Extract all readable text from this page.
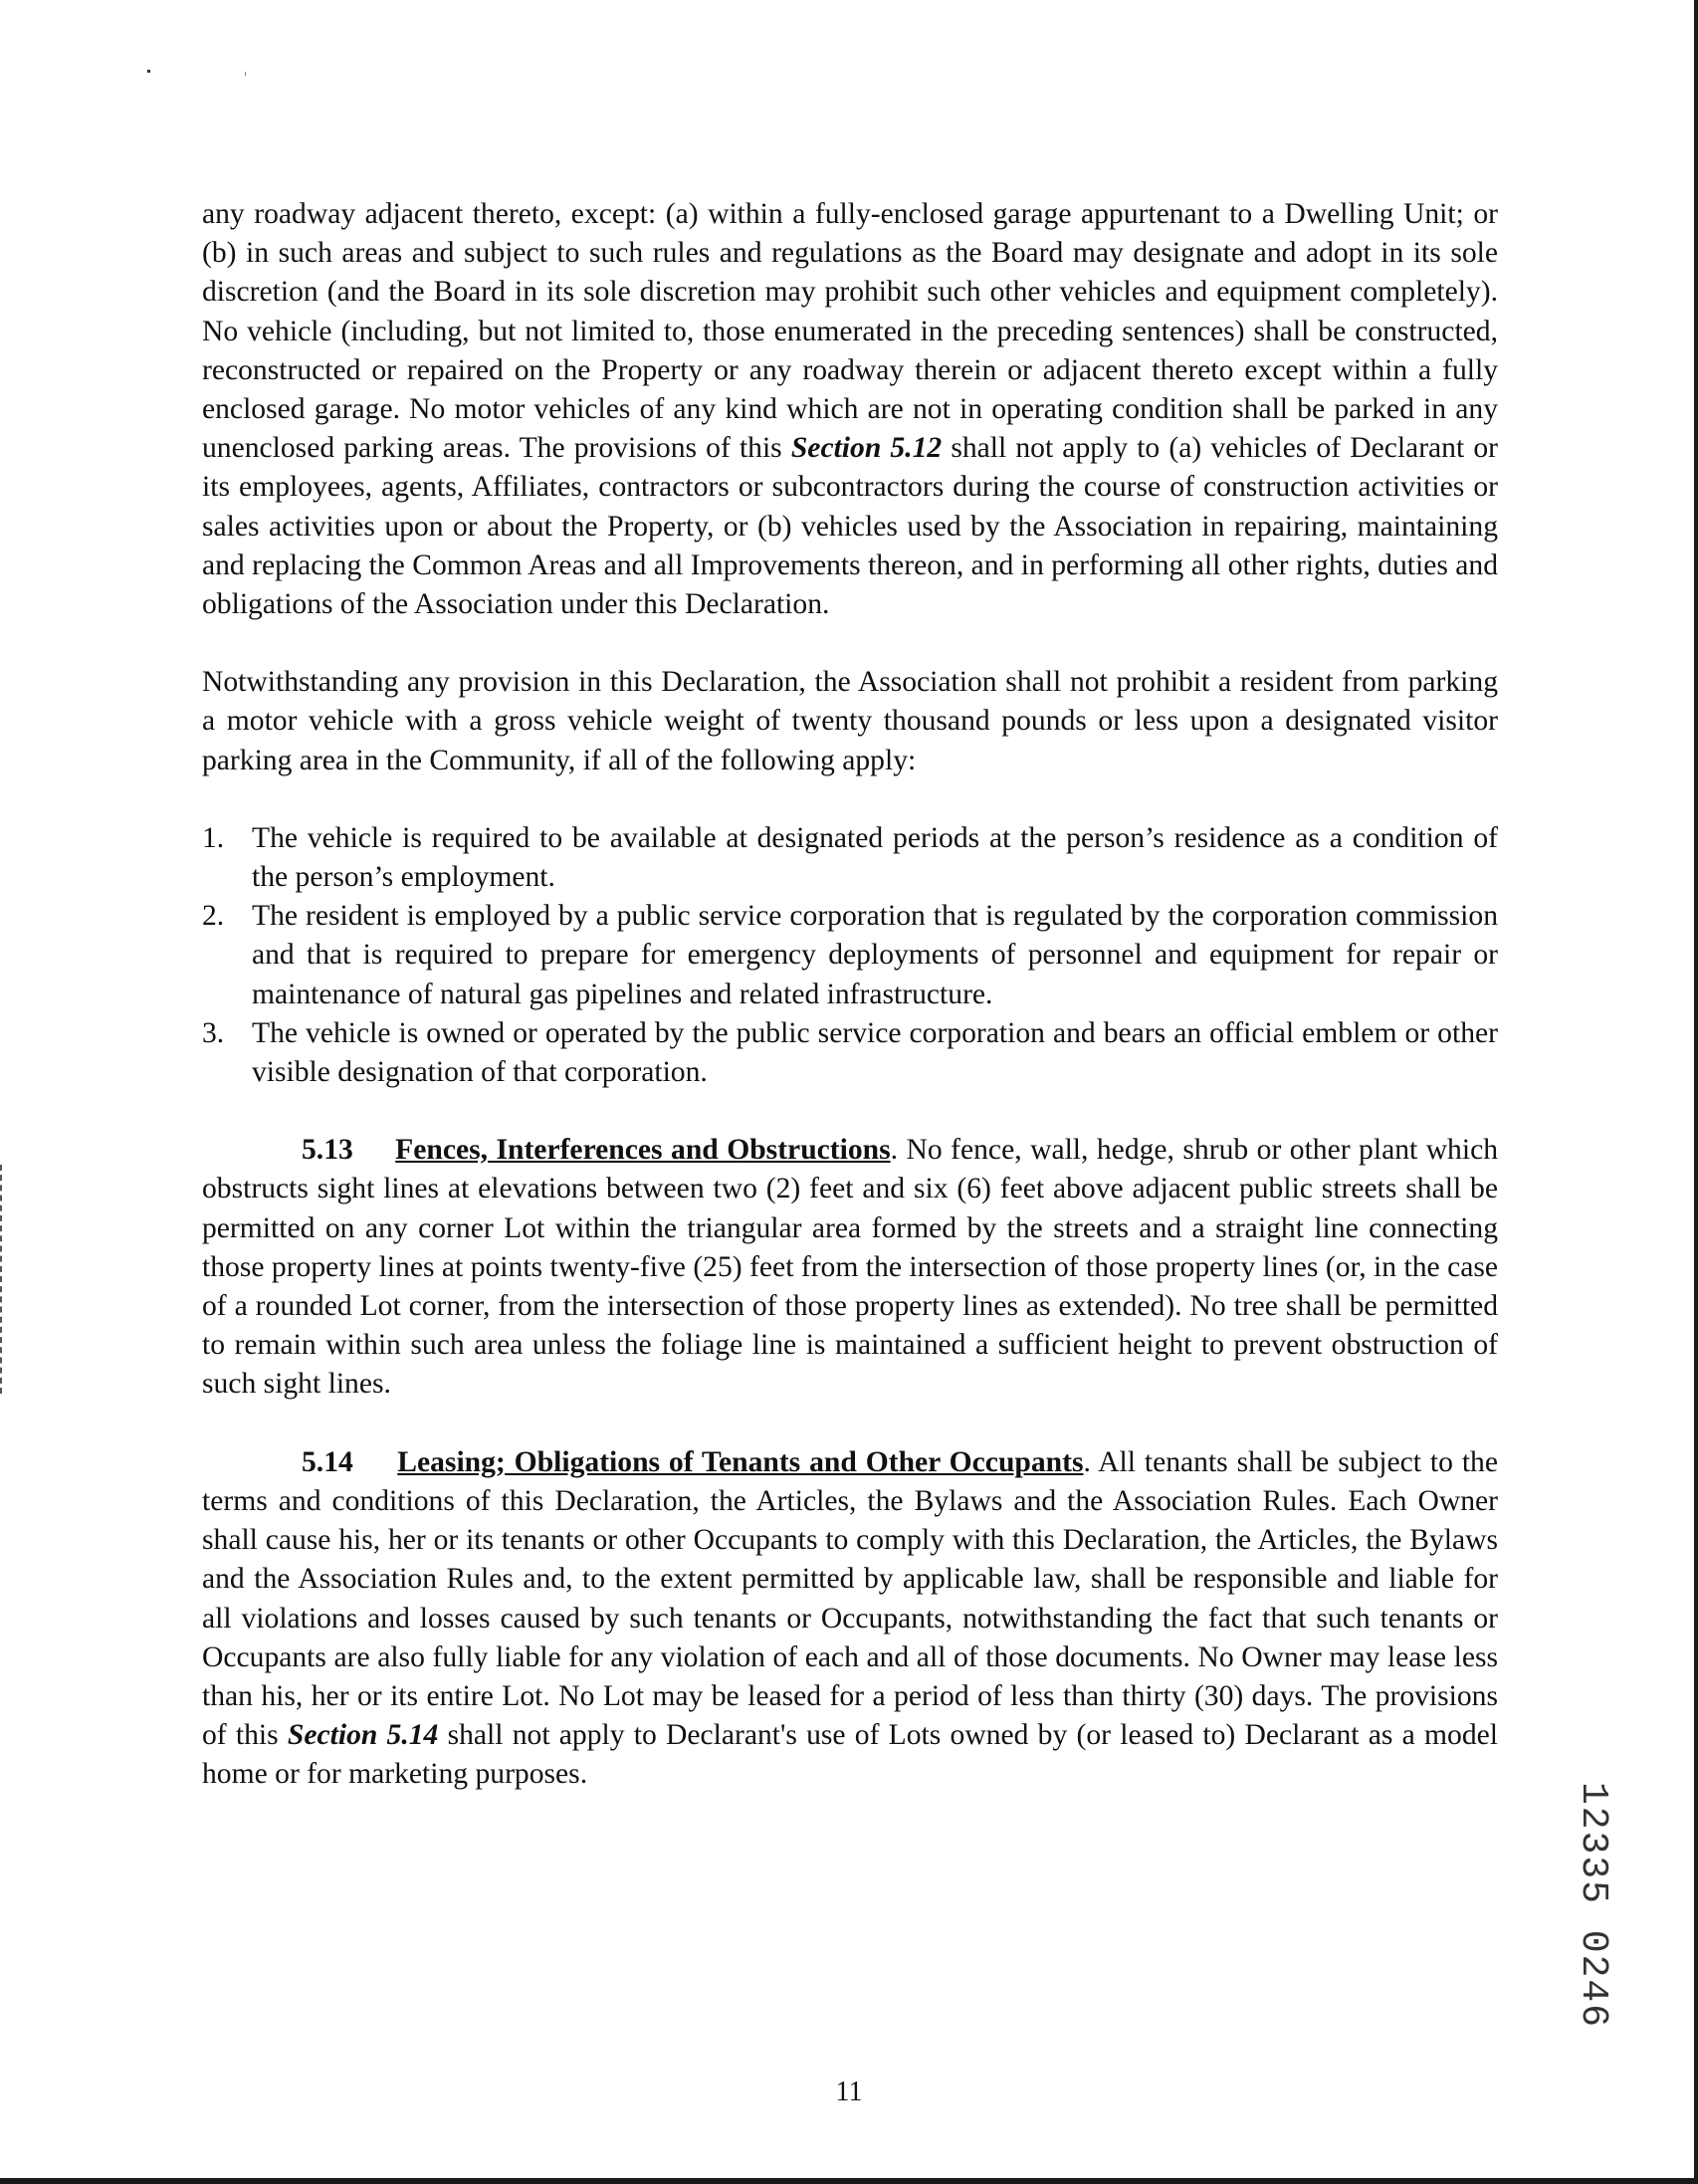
any roadway adjacent thereto, except: (a) within a fully-enclosed garage appurtenant to a Dwelling Unit; or (b) in such areas and subject to such rules and regulations as the Board may designate and adopt in its sole discretion (and the Board in its sole discretion may prohibit such other vehicles and equipment completely). No vehicle (including, but not limited to, those enumerated in the preceding sentences) shall be constructed, reconstructed or repaired on the Property or any roadway therein or adjacent thereto except within a fully enclosed garage. No motor vehicles of any kind which are not in operating condition shall be parked in any unenclosed parking areas. The provisions of this Section 5.12 shall not apply to (a) vehicles of Declarant or its employees, agents, Affiliates, contractors or subcontractors during the course of construction activities or sales activities upon or about the Property, or (b) vehicles used by the Association in repairing, maintaining and replacing the Common Areas and all Improvements thereon, and in performing all other rights, duties and obligations of the Association under this Declaration.

Notwithstanding any provision in this Declaration, the Association shall not prohibit a resident from parking a motor vehicle with a gross vehicle weight of twenty thousand pounds or less upon a designated visitor parking area in the Community, if all of the following apply:

1. The vehicle is required to be available at designated periods at the person’s residence as a condition of the person’s employment.
2. The resident is employed by a public service corporation that is regulated by the corporation commission and that is required to prepare for emergency deployments of personnel and equipment for repair or maintenance of natural gas pipelines and related infrastructure.
3. The vehicle is owned or operated by the public service corporation and bears an official emblem or other visible designation of that corporation.

5.13 Fences, Interferences and Obstructions. No fence, wall, hedge, shrub or other plant which obstructs sight lines at elevations between two (2) feet and six (6) feet above adjacent public streets shall be permitted on any corner Lot within the triangular area formed by the streets and a straight line connecting those property lines at points twenty-five (25) feet from the intersection of those property lines (or, in the case of a rounded Lot corner, from the intersection of those property lines as extended). No tree shall be permitted to remain within such area unless the foliage line is maintained a sufficient height to prevent obstruction of such sight lines.

5.14 Leasing; Obligations of Tenants and Other Occupants. All tenants shall be subject to the terms and conditions of this Declaration, the Articles, the Bylaws and the Association Rules. Each Owner shall cause his, her or its tenants or other Occupants to comply with this Declaration, the Articles, the Bylaws and the Association Rules and, to the extent permitted by applicable law, shall be responsible and liable for all violations and losses caused by such tenants or Occupants, notwithstanding the fact that such tenants or Occupants are also fully liable for any violation of each and all of those documents. No Owner may lease less than his, her or its entire Lot. No Lot may be leased for a period of less than thirty (30) days. The provisions of this Section 5.14 shall not apply to Declarant's use of Lots owned by (or leased to) Declarant as a model home or for marketing purposes.

12335 0246
11
